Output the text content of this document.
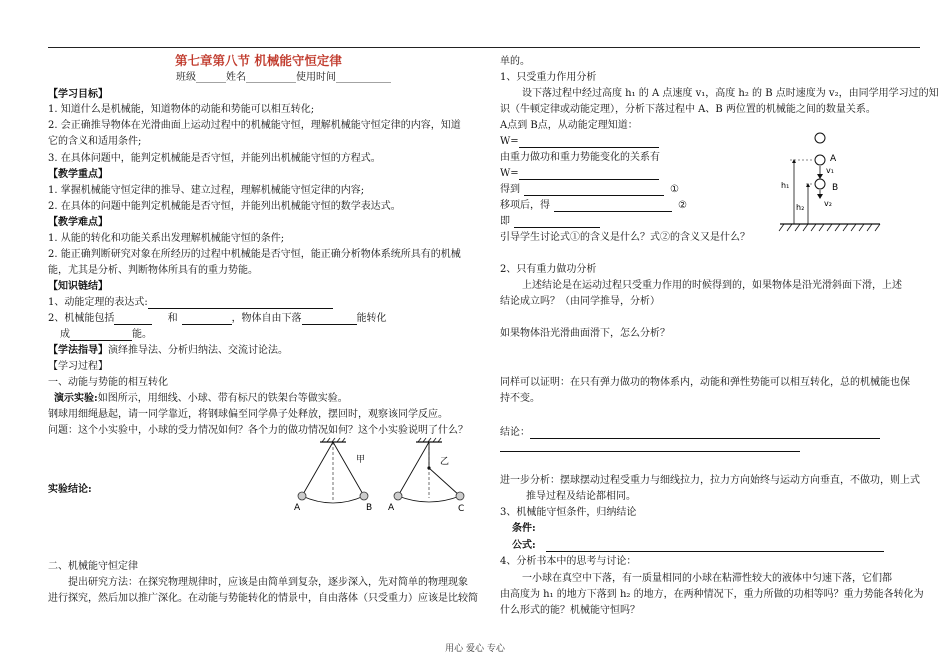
第七章第八节 机械能守恒定律
班级______姓名__________使用时间___________
【学习目标】
1. 知道什么是机械能，知道物体的动能和势能可以相互转化;
2. 会正确推导物体在光滑曲面上运动过程中的机械能守恒，理解机械能守恒定律的内容，知道
它的含义和适用条件;
3. 在具体问题中，能判定机械能是否守恒，并能列出机械能守恒的方程式。
【教学重点】
1. 掌握机械能守恒定律的推导、建立过程，理解机械能守恒定律的内容;
2. 在具体的问题中能判定机械能是否守恒，并能列出机械能守恒的数学表达式。
【教学难点】
1. 从能的转化和功能关系出发理解机械能守恒的条件;
2. 能正确判断研究对象在所经历的过程中机械能是否守恒，能正确分析物体系统所具有的机械
能，尤其是分析、判断物体所具有的重力势能。
【知识链结】
1、动能定理的表达式:
2、机械能包括	和	，物体自由下落	能转化
成	能。
【学法指导】演绎推导法、分析归纳法、交流讨论法。
【学习过程】
一、动能与势能的相互转化
演示实验:如图所示，用细线、小球、带有标尺的铁架台等做实验。
钢球用细绳悬起，请一同学靠近，将钢球偏至同学鼻子处释放，摆回时，观察该同学反应。
问题：这个小实验中，小球的受力情况如何？各个力的做功情况如何？这个小实验说明了什么？
实验结论:
甲
A	B
乙
A	C
二、机械能守恒定律
提出研究方法：在探究物理规律时，应该是由简单到复杂，逐步深入，先对简单的物理现象
进行探究，然后加以推广深化。在动能与势能转化的情景中，自由落体（只受重力）应该是比较简
单的。
1、只受重力作用分析
设下落过程中经过高度 h₁ 的 A 点速度 v₁，高度 h₂ 的 B 点时速度为 v₂，由同学用学习过的知
识（牛顿定律或动能定理），分析下落过程中 A、B 两位置的机械能之间的数量关系。
A点到 B点，从动能定理知道：
W=
由重力做功和重力势能变化的关系有
W=
得到	①
移项后，得	②
即
引导学生讨论式①的含义是什么？式②的含义又是什么？
A
v₁
B
v₂
h₁
h₂
2、只有重力做功分析
上述结论是在运动过程只受重力作用的时候得到的，如果物体是沿光滑斜面下滑，上述
结论成立吗？（由同学推导，分析）
如果物体沿光滑曲面滑下，怎么分析？
同样可以证明：在只有弹力做功的物体系内，动能和弹性势能可以相互转化，总的机械能也保
持不变。
结论：
进一步分析：摆球摆动过程受重力与细线拉力，拉力方向始终与运动方向垂直，不做功，则上式
推导过程及结论都相同。
3、机械能守恒条件，归纳结论
条件:
公式:
4、分析书本中的思考与讨论：
一小球在真空中下落，有一质量相同的小球在粘滞性较大的液体中匀速下落，它们都
由高度为 h₁ 的地方下落到 h₂ 的地方，在两种情况下，重力所做的功相等吗？重力势能各转化为
什么形式的能？机械能守恒吗？
用心 爱心 专心
